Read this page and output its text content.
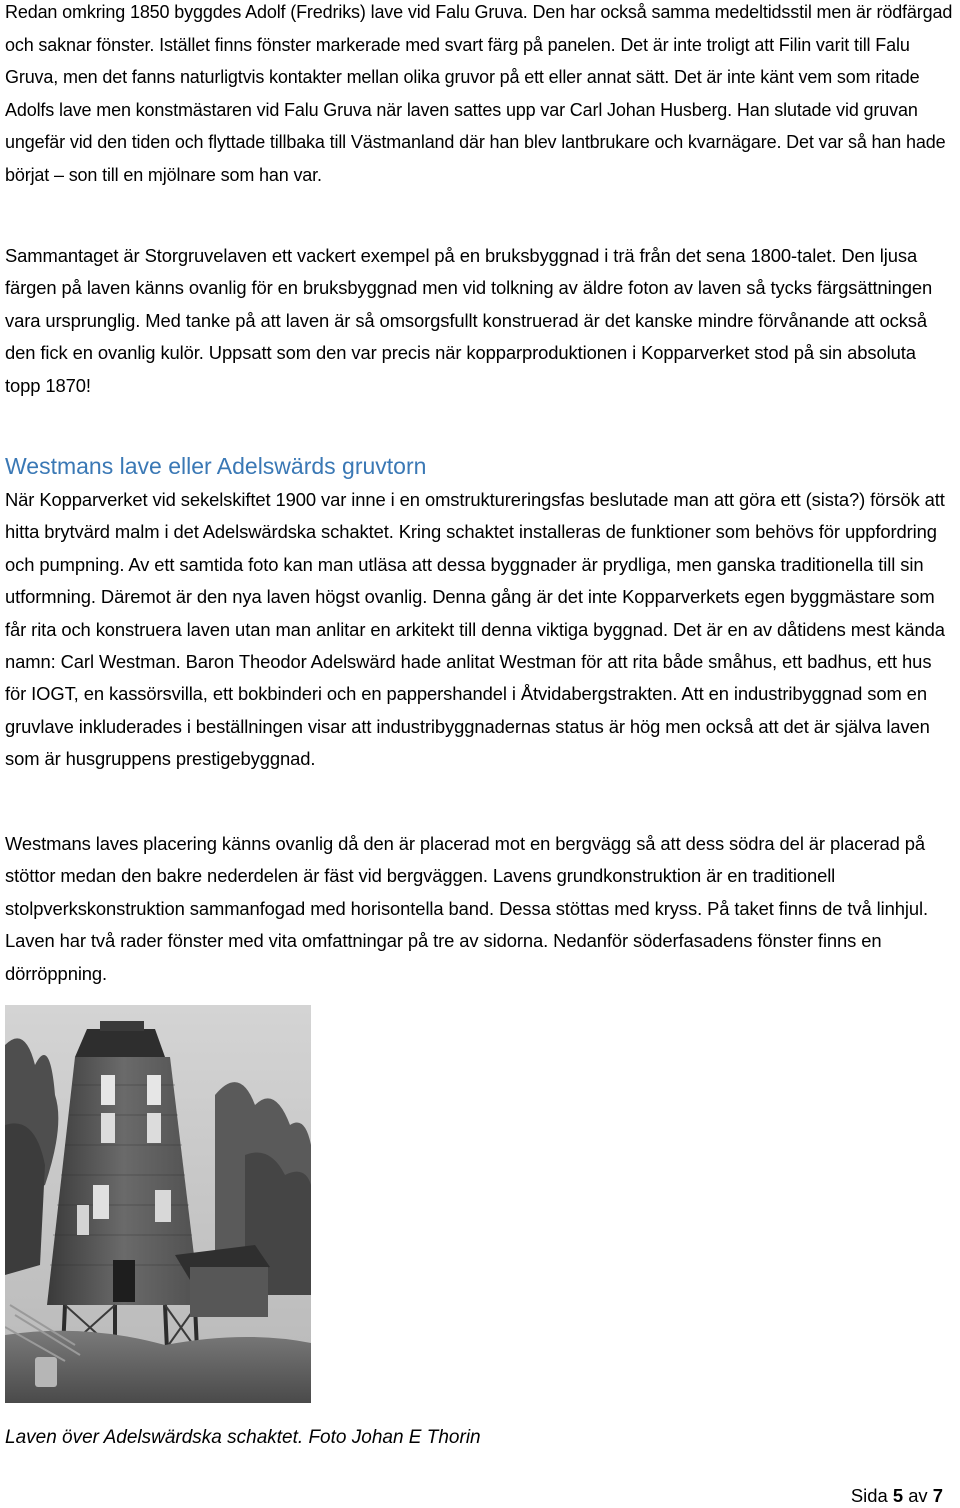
Redan omkring 1850 byggdes Adolf (Fredriks) lave vid Falu Gruva. Den har också samma medeltidsstil men är rödfärgad och saknar fönster. Istället finns fönster markerade med svart färg på panelen. Det är inte troligt att Filin varit till Falu Gruva, men det fanns naturligtvis kontakter mellan olika gruvor på ett eller annat sätt. Det är inte känt vem som ritade Adolfs lave men konstmästaren vid Falu Gruva när laven sattes upp var Carl Johan Husberg. Han slutade vid gruvan ungefär vid den tiden och flyttade tillbaka till Västmanland där han blev lantbrukare och kvarnägare. Det var så han hade börjat – son till en mjölnare som han var.

Sammantaget är Storgruvelaven ett vackert exempel på en bruksbyggnad i trä från det sena 1800-talet. Den ljusa färgen på laven känns ovanlig för en bruksbyggnad men vid tolkning av äldre foton av laven så tycks färgsättningen vara ursprunglig. Med tanke på att laven är så omsorgsfullt konstruerad är det kanske mindre förvånande att också den fick en ovanlig kulör. Uppsatt som den var precis när kopparproduktionen i Kopparverket stod på sin absoluta topp 1870!

Westmans lave eller Adelswärds gruvtorn

När Kopparverket vid sekelskiftet 1900 var inne i en omstruktureringsfas beslutade man att göra ett (sista?) försök att hitta brytvärd malm i det Adelswärdska schaktet. Kring schaktet installeras de funktioner som behövs för uppfordring och pumpning. Av ett samtida foto kan man utläsa att dessa byggnader är prydliga, men ganska traditionella till sin utformning. Däremot är den nya laven högst ovanlig. Denna gång är det inte Kopparverkets egen byggmästare som får rita och konstruera laven utan man anlitar en arkitekt till denna viktiga byggnad. Det är en av dåtidens mest kända namn: Carl Westman. Baron Theodor Adelswärd hade anlitat Westman för att rita både småhus, ett badhus, ett hus för IOGT, en kassörsvilla, ett bokbinderi och en pappershandel i Åtvidabergstrakten. Att en industribyggnad som en gruvlave inkluderades i beställningen visar att industribyggnadernas status är hög men också att det är själva laven som är husgruppens prestigebyggnad.

Westmans laves placering känns ovanlig då den är placerad mot en bergvägg så att dess södra del är placerad på stöttor medan den bakre nederdelen är fäst vid bergväggen. Lavens grundkonstruktion är en traditionell stolpverkskonstruktion sammanfogad med horisontella band. Dessa stöttas med kryss. På taket finns de två linhjul. Laven har två rader fönster med vita omfattningar på tre av sidorna. Nedanför söderfasadens fönster finns en dörröppning.

Laven över Adelswärdska schaktet. Foto Johan E Thorin

Sida 5 av 7
